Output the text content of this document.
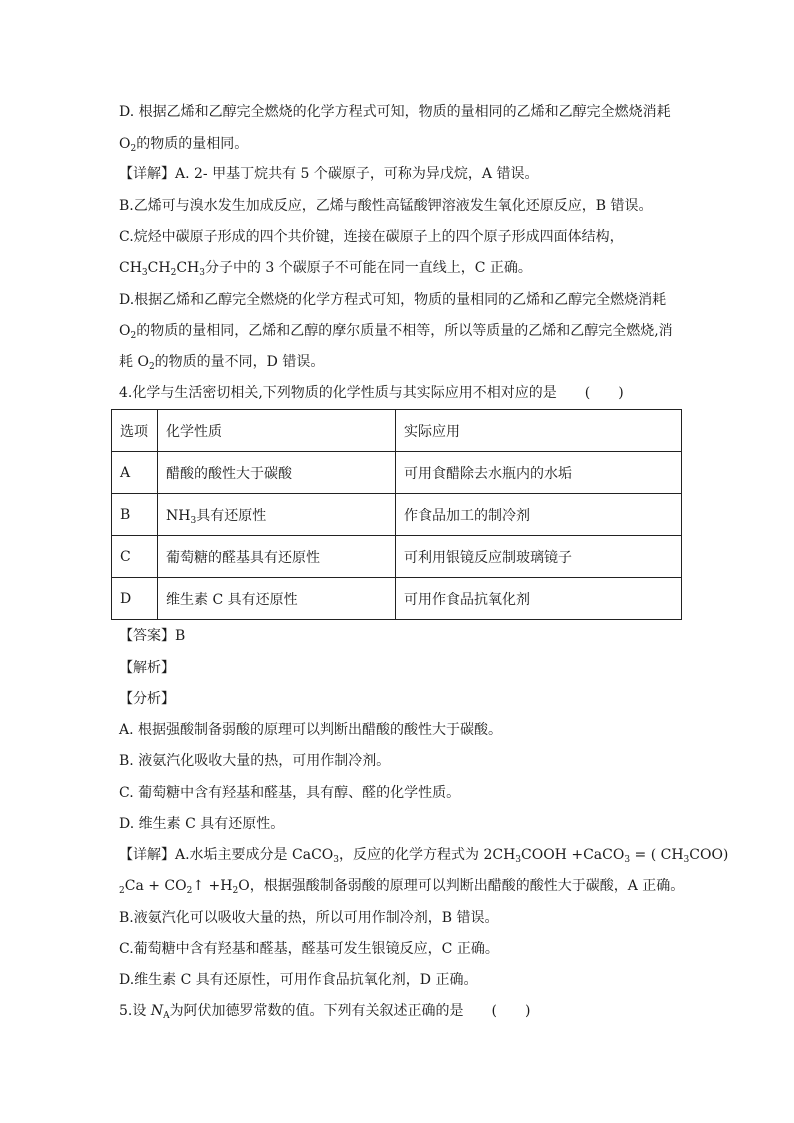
D. 根据乙烯和乙醇完全燃烧的化学方程式可知，物质的量相同的乙烯和乙醇完全燃烧消耗
$O_2$的物质的量相同。
【详解】A. 2- 甲基丁烷共有 5 个碳原子，可称为异戊烷，A 错误。
B.乙烯可与溴水发生加成反应，乙烯与酸性高锰酸钾溶液发生氧化还原反应，B 错误。
C.烷烃中碳原子形成的四个共价键，连接在碳原子上的四个原子形成四面体结构，
$CH_3CH_2CH_3$分子中的 3 个碳原子不可能在同一直线上，C 正确。
D.根据乙烯和乙醇完全燃烧的化学方程式可知，物质的量相同的乙烯和乙醇完全燃烧消耗
$O_2$的物质的量相同，乙烯和乙醇的摩尔质量不相等，所以等质量的乙烯和乙醇完全燃烧,消
耗 $O_2$的物质的量不同，D 错误。
4.化学与生活密切相关,下列物质的化学性质与其实际应用不相对应的是　　(　　)
选项	化学性质	实际应用
A	醋酸的酸性大于碳酸	可用食醋除去水瓶内的水垢
B	$NH_3$具有还原性	作食品加工的制冷剂
C	葡萄糖的醛基具有还原性	可利用银镜反应制玻璃镜子
D	维生素 C 具有还原性	可用作食品抗氧化剂
【答案】B
【解析】
【分析】
A. 根据强酸制备弱酸的原理可以判断出醋酸的酸性大于碳酸。
B. 液氨汽化吸收大量的热，可用作制冷剂。
C. 葡萄糖中含有羟基和醛基，具有醇、醛的化学性质。
D. 维生素 C 具有还原性。
【详解】A.水垢主要成分是 CaCO$_3$，反应的化学方程式为 $2CH_3COOH$ +CaCO$_3$ = ( $CH_3COO$)
$_2Ca + CO_2↑ +H_2O$，根据强酸制备弱酸的原理可以判断出醋酸的酸性大于碳酸，A 正确。
B.液氨汽化可以吸收大量的热，所以可用作制冷剂，B 错误。
C.葡萄糖中含有羟基和醛基，醛基可发生银镜反应，C 正确。
D.维生素 C 具有还原性，可用作食品抗氧化剂，D 正确。
5.设 $N_A$为阿伏加德罗常数的值。下列有关叙述正确的是　　(　　)
